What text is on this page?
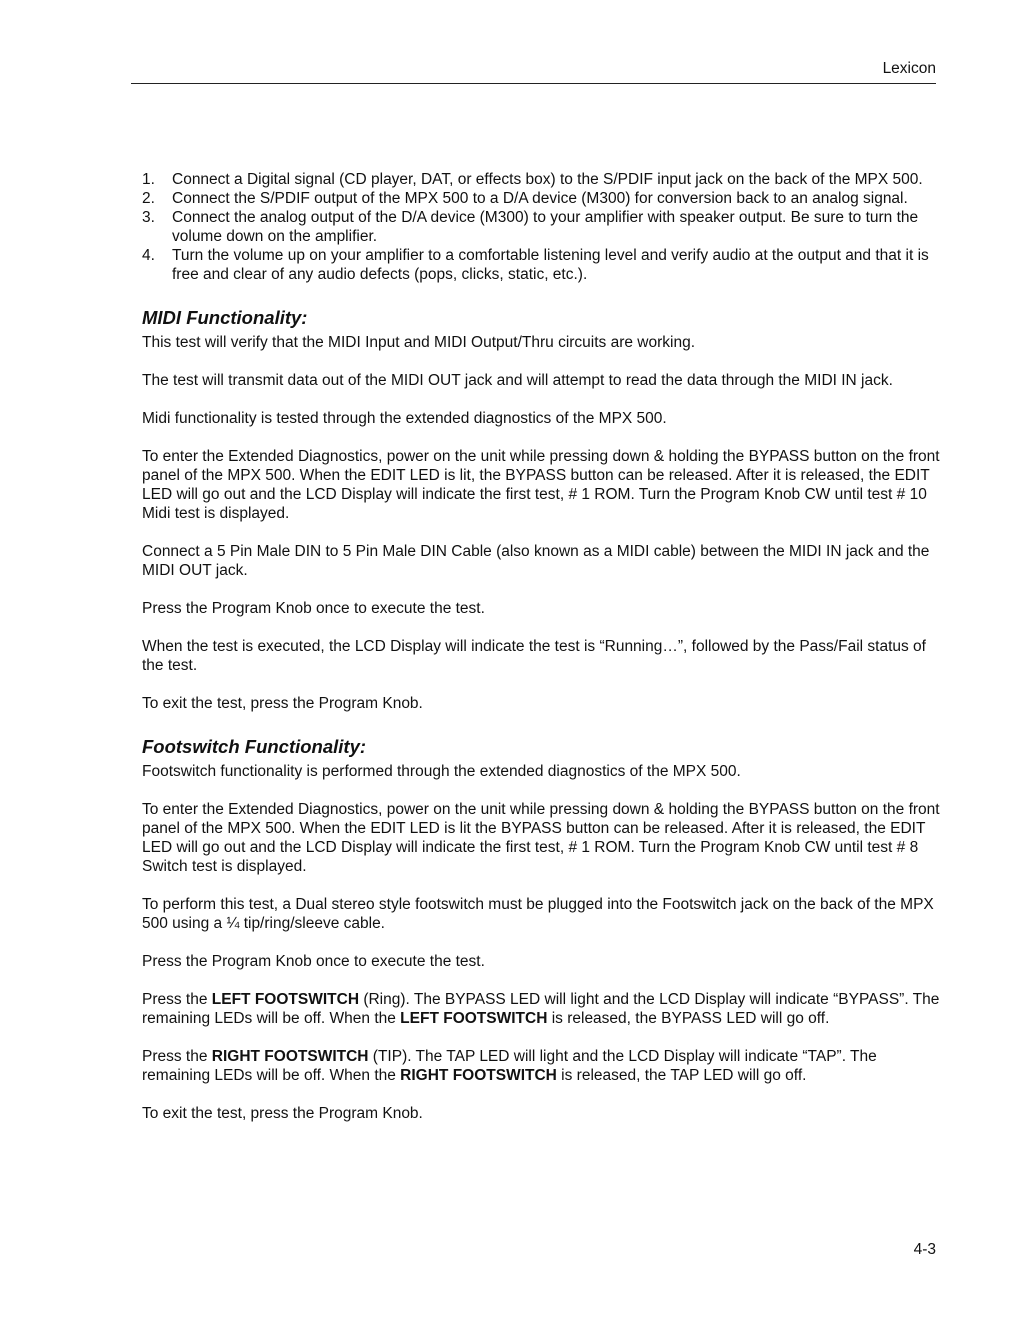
Lexicon
1.	Connect a Digital signal (CD player, DAT, or effects box) to the S/PDIF input jack on the back of the MPX 500.
2.	Connect the S/PDIF output of the MPX 500 to a D/A device (M300) for conversion back to an analog signal.
3.	Connect the analog output of the D/A device (M300) to your amplifier with speaker output. Be sure to turn the volume down on the amplifier.
4.	Turn the volume up on your amplifier to a comfortable listening level and verify audio at the output and that it is free and clear of any audio defects (pops, clicks, static, etc.).
MIDI Functionality:

This test will verify that the MIDI Input and MIDI Output/Thru circuits are working.

The test will transmit data out of the MIDI OUT jack and will attempt to read the data through the MIDI IN jack.

Midi functionality is tested through the extended diagnostics of the MPX 500.

To enter the Extended Diagnostics, power on the unit while pressing down & holding the BYPASS button on the front panel of the MPX 500. When the EDIT LED is lit, the BYPASS button can be released. After it is released, the EDIT LED will go out and the LCD Display will indicate the first test, # 1 ROM. Turn the Program Knob CW until test # 10 Midi test is displayed.

Connect a 5 Pin Male DIN to 5 Pin Male DIN Cable (also known as a MIDI cable) between the MIDI IN jack and the MIDI OUT jack.

Press the Program Knob once to execute the test.

When the test is executed, the LCD Display will indicate the test is “Running…”, followed by the Pass/Fail status of the test.

To exit the test, press the Program Knob.

Footswitch Functionality:

Footswitch functionality is performed through the extended diagnostics of the MPX 500.

To enter the Extended Diagnostics, power on the unit while pressing down & holding the BYPASS button on the front panel of the MPX 500. When the EDIT LED is lit the BYPASS button can be released. After it is released, the EDIT LED will go out and the LCD Display will indicate the first test, # 1 ROM. Turn the Program Knob CW until test # 8 Switch test is displayed.

To perform this test, a Dual stereo style footswitch must be plugged into the Footswitch jack on the back of the MPX 500 using a ¼ tip/ring/sleeve cable.

Press the Program Knob once to execute the test.

Press the LEFT FOOTSWITCH (Ring). The BYPASS LED will light and the LCD Display will indicate “BYPASS”. The remaining LEDs will be off. When the LEFT FOOTSWITCH is released, the BYPASS LED will go off.

Press the RIGHT FOOTSWITCH (TIP). The TAP LED will light and the LCD Display will indicate “TAP”. The remaining LEDs will be off. When the RIGHT FOOTSWITCH is released, the TAP LED will go off.

To exit the test, press the Program Knob.

4-3
